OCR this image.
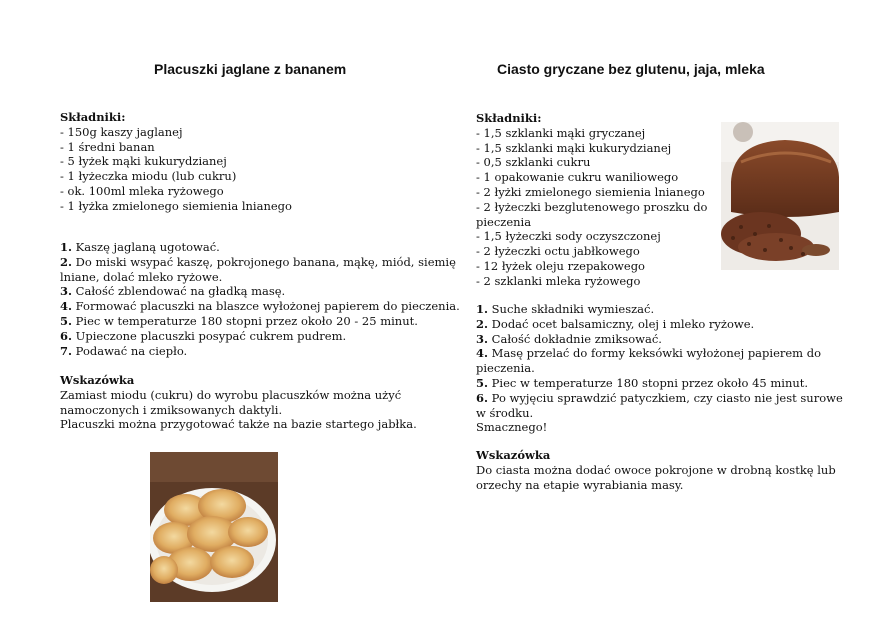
Placuszki jaglane z bananem
Składniki:
- 150g kaszy jaglanej
- 1 średni banan
- 5 łyżek mąki kukurydzianej
- 1 łyżeczka miodu (lub cukru)
- ok. 100ml mleka ryżowego
- 1 łyżka zmielonego siemienia lnianego
1. Kaszę jaglaną ugotować.
2. Do miski wsypać kaszę, pokrojonego banana, mąkę, miód, siemię
lniane, dolać mleko ryżowe.
3. Całość zblendować na gładką masę.
4. Formować placuszki na blaszce wyłożonej papierem do pieczenia.
5. Piec w temperaturze 180 stopni przez około 20 - 25 minut.
6. Upieczone placuszki posypać cukrem pudrem.
7. Podawać na ciepło.
Wskazówka
Zamiast miodu (cukru) do wyrobu placuszków można użyć
namoczonych i zmiksowanych daktyli.
Placuszki można przygotować także na bazie startego jabłka.
Ciasto gryczane bez glutenu, jaja, mleka
Składniki:
- 1,5 szklanki mąki gryczanej
- 1,5 szklanki mąki kukurydzianej
- 0,5 szklanki cukru
- 1 opakowanie cukru waniliowego
- 2 łyżki zmielonego siemienia lnianego
- 2 łyżeczki bezglutenowego proszku do
pieczenia
- 1,5 łyżeczki sody oczyszczonej
- 2 łyżeczki octu jabłkowego
- 12 łyżek oleju rzepakowego
- 2 szklanki mleka ryżowego
1. Suche składniki wymieszać.
2. Dodać ocet balsamiczny, olej i mleko ryżowe.
3. Całość dokładnie zmiksować.
4. Masę przelać do formy keksówki wyłożonej papierem do
pieczenia.
5. Piec w temperaturze 180 stopni przez około 45 minut.
6. Po wyjęciu sprawdzić patyczkiem, czy ciasto nie jest surowe
w środku.
Smacznego!
Wskazówka
Do ciasta można dodać owoce pokrojone w drobną kostkę lub
orzechy na etapie wyrabiania masy.
